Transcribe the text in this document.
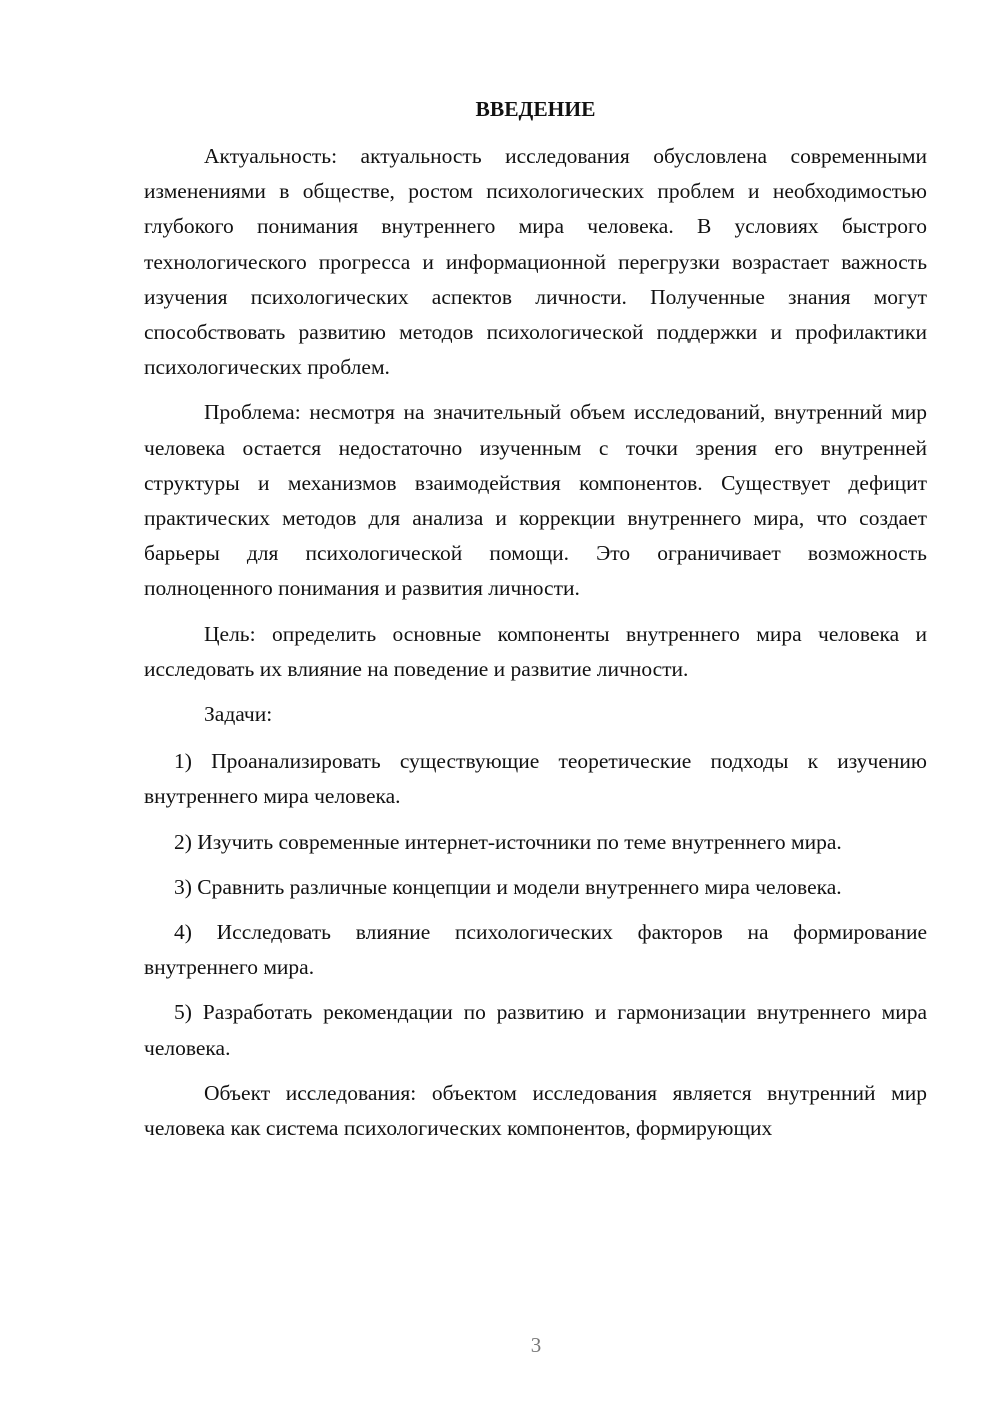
ВВЕДЕНИЕ

Актуальность: актуальность исследования обусловлена современными изменениями в обществе, ростом психологических проблем и необходимостью глубокого понимания внутреннего мира человека. В условиях быстрого технологического прогресса и информационной перегрузки возрастает важность изучения психологических аспектов личности. Полученные знания могут способствовать развитию методов психологической поддержки и профилактики психологических проблем.

Проблема: несмотря на значительный объем исследований, внутренний мир человека остается недостаточно изученным с точки зрения его внутренней структуры и механизмов взаимодействия компонентов. Существует дефицит практических методов для анализа и коррекции внутреннего мира, что создает барьеры для психологической помощи. Это ограничивает возможность полноценного понимания и развития личности.

Цель: определить основные компоненты внутреннего мира человека и исследовать их влияние на поведение и развитие личности.

Задачи:

1) Проанализировать существующие теоретические подходы к изучению внутреннего мира человека.

2) Изучить современные интернет-источники по теме внутреннего мира.

3) Сравнить различные концепции и модели внутреннего мира человека.

4) Исследовать влияние психологических факторов на формирование внутреннего мира.

5) Разработать рекомендации по развитию и гармонизации внутреннего мира человека.

Объект исследования: объектом исследования является внутренний мир человека как система психологических компонентов, формирующих

3
